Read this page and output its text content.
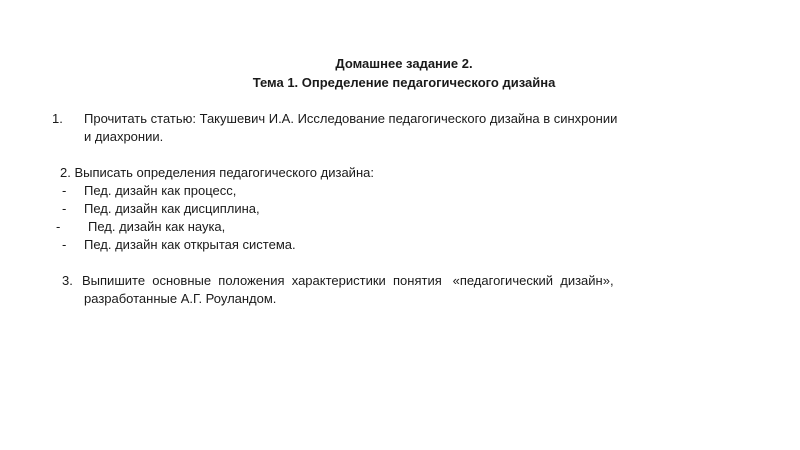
Домашнее задание 2.
Тема 1. Определение педагогического дизайна
1. Прочитать статью: Такушевич И.А. Исследование педагогического дизайна в синхронии
и диахронии.
2. Выписать определения педагогического дизайна:
- Пед. дизайн как процесс,
- Пед. дизайн как дисциплина,
- Пед. дизайн как наука,
- Пед. дизайн как открытая система.
3. Выпишите  основные  положения  характеристики  понятия   «педагогический  дизайн»,
разработанные А.Г. Роуландом.
